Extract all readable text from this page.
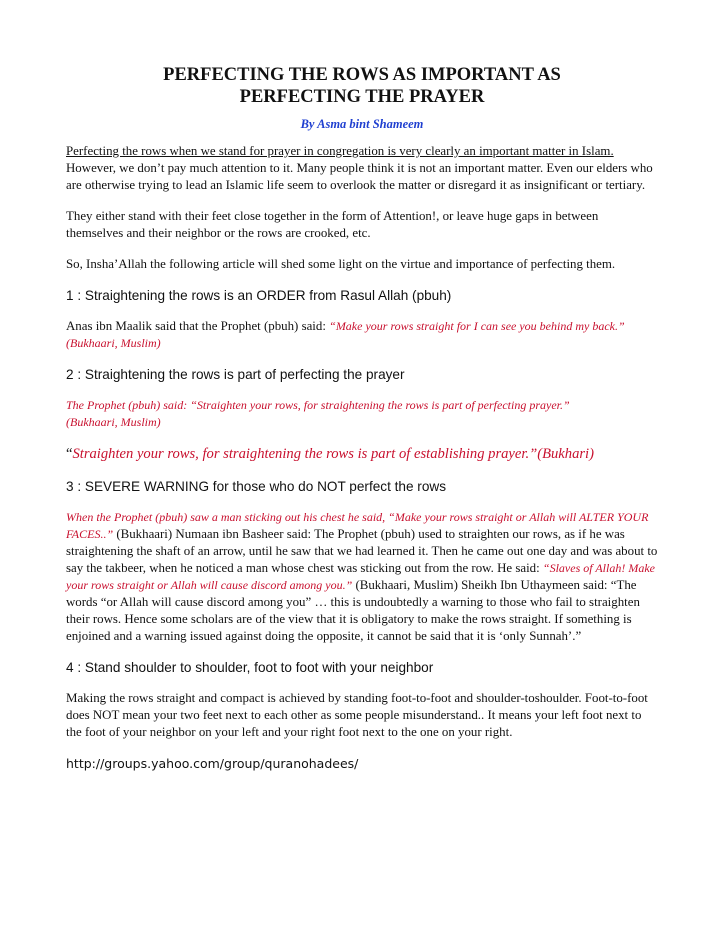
PERFECTING THE ROWS AS IMPORTANT AS
PERFECTING THE PRAYER
By Asma bint Shameem

Perfecting the rows when we stand for prayer in congregation is very clearly an important matter in Islam. However, we don’t pay much attention to it. Many people think it is not an important matter. Even our elders who are otherwise trying to lead an Islamic life seem to overlook the matter or disregard it as insignificant or tertiary.

They either stand with their feet close together in the form of Attention!, or leave huge gaps in between themselves and their neighbor or the rows are crooked, etc.

So, Insha’Allah the following article will shed some light on the virtue and importance of perfecting them.

1 : Straightening the rows is an ORDER from Rasul Allah (pbuh)

Anas ibn Maalik said that the Prophet (pbuh) said: “Make your rows straight for I can see you behind my back.”
(Bukhaari, Muslim)

2 : Straightening the rows is part of perfecting the prayer

The Prophet (pbuh) said: “Straighten your rows, for straightening the rows is part of perfecting prayer.”
(Bukhaari, Muslim)

“Straighten your rows, for straightening the rows is part of establishing prayer.”(Bukhari)

3 : SEVERE WARNING for those who do NOT perfect the rows

When the Prophet (pbuh) saw a man sticking out his chest he said, “Make your rows straight or Allah will ALTER YOUR FACES..” (Bukhaari) Numaan ibn Basheer said: The Prophet (pbuh) used to straighten our rows, as if he was straightening the shaft of an arrow, until he saw that we had learned it. Then he came out one day and was about to say the takbeer, when he noticed a man whose chest was sticking out from the row. He said: “Slaves of Allah! Make your rows straight or Allah will cause discord among you.” (Bukhaari, Muslim) Sheikh Ibn Uthaymeen said: “The words “or Allah will cause discord among you” … this is undoubtedly a warning to those who fail to straighten their rows. Hence some scholars are of the view that it is obligatory to make the rows straight. If something is enjoined and a warning issued against doing the opposite, it cannot be said that it is ‘only Sunnah’.”

4 : Stand shoulder to shoulder, foot to foot with your neighbor

Making the rows straight and compact is achieved by standing foot-to-foot and shoulder-toshoulder. Foot-to-foot does NOT mean your two feet next to each other as some people misunderstand.. It means your left foot next to the foot of your neighbor on your left and your right foot next to the one on your right.

http://groups.yahoo.com/group/quranohadees/
